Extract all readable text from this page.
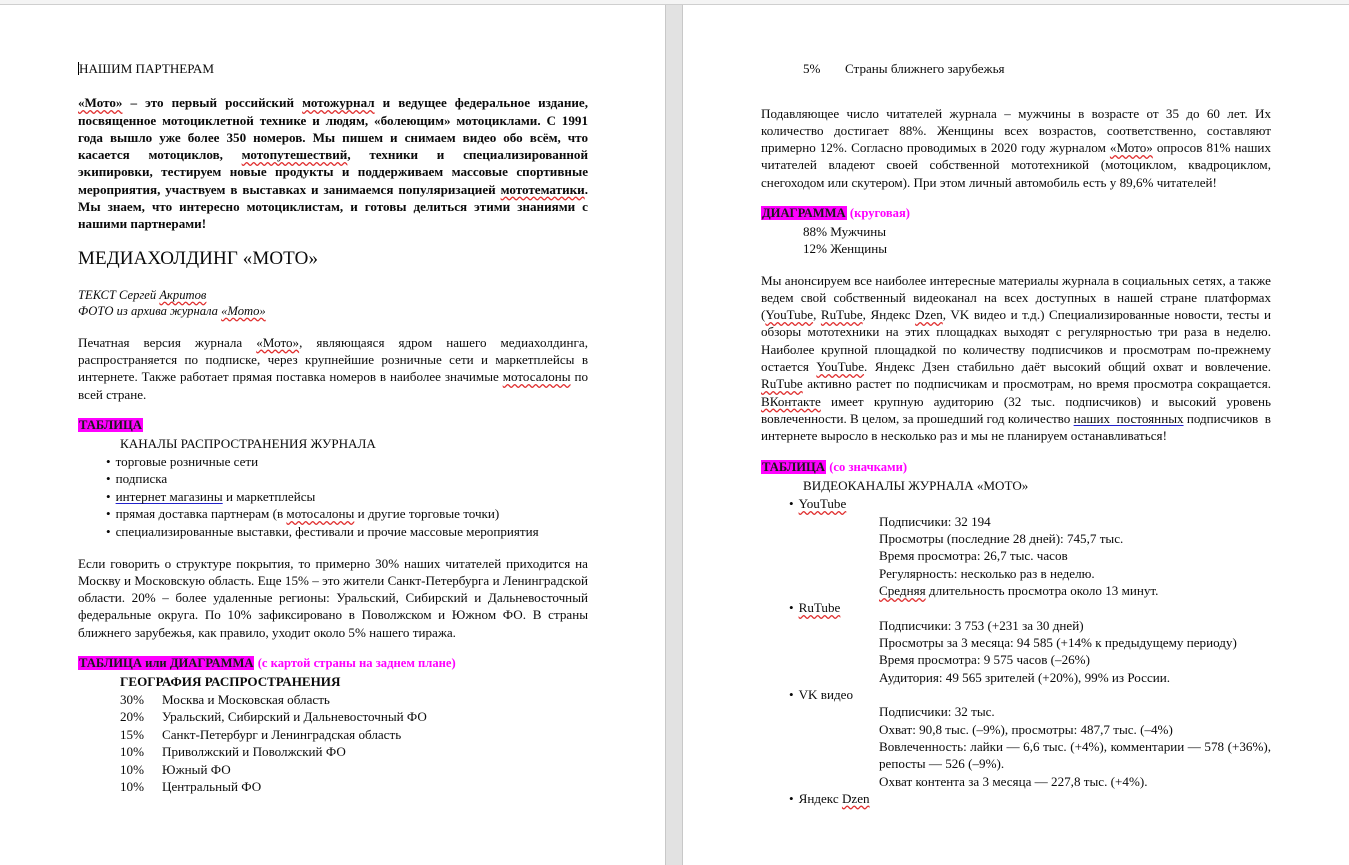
НАШИМ ПАРТНЕРАМ

«Мото» – это первый российский мотожурнал и ведущее федеральное издание, посвященное мотоциклетной технике и людям, «болеющим» мотоциклами. С 1991 года вышло уже более 350 номеров. Мы пишем и снимаем видео обо всём, что касается мотоциклов, мотопутешествий, техники и специализированной экипировки, тестируем новые продукты и поддерживаем массовые спортивные мероприятия, участвуем в выставках и занимаемся популяризацией мототематики. Мы знаем, что интересно мотоциклистам, и готовы делиться этими знаниями с нашими партнерами!

МЕДИАХОЛДИНГ «МОТО»
ТЕКСТ Сергей Акритов
ФОТО из архива журнала «Мото»

Печатная версия журнала «Мото», являющаяся ядром нашего медиахолдинга, распространяется по подписке, через крупнейшие розничные сети и маркетплейсы в интернете. Также работает прямая поставка номеров в наиболее значимые мотосалоны по всей стране.

ТАБЛИЦА
КАНАЛЫ РАСПРОСТРАНЕНИЯ ЖУРНАЛА
• торговые розничные сети
• подписка
• интернет магазины и маркетплейсы
• прямая доставка партнерам (в мотосалоны и другие торговые точки)
• специализированные выставки, фестивали и прочие массовые мероприятия

Если говорить о структуре покрытия, то примерно 30% наших читателей приходится на Москву и Московскую область. Еще 15% – это жители Санкт-Петербурга и Ленинградской области. 20% – более удаленные регионы: Уральский, Сибирский и Дальневосточный федеральные округа. По 10% зафиксировано в Поволжском и Южном ФО. В страны ближнего зарубежья, как правило, уходит около 5% нашего тиража.

ТАБЛИЦА или ДИАГРАММА (с картой страны на заднем плане)
ГЕОГРАФИЯ РАСПРОСТРАНЕНИЯ
30% Москва и Московская область
20% Уральский, Сибирский и Дальневосточный ФО
15% Санкт-Петербург и Ленинградская область
10% Приволжский и Поволжский ФО
10% Южный ФО
10% Центральный ФО
5% Страны ближнего зарубежья

Подавляющее число читателей журнала – мужчины в возрасте от 35 до 60 лет. Их количество достигает 88%. Женщины всех возрастов, соответственно, составляют примерно 12%. Согласно проводимых в 2020 году журналом «Мото» опросов 81% наших читателей владеют своей собственной мототехникой (мотоциклом, квадроциклом, снегоходом или скутером). При этом личный автомобиль есть у 89,6% читателей!

ДИАГРАММА (круговая)
88% Мужчины
12% Женщины

Мы анонсируем все наиболее интересные материалы журнала в социальных сетях, а также ведем свой собственный видеоканал на всех доступных в нашей стране платформах (YouTube, RuTube, Яндекс Dzen, VK видео и т.д.) Специализированные новости, тесты и обзоры мототехники на этих площадках выходят с регулярностью три раза в неделю. Наиболее крупной площадкой по количеству подписчиков и просмотрам по-прежнему остается YouTube. Яндекс Дзен стабильно даёт высокий общий охват и вовлечение. RuTube активно растет по подписчикам и просмотрам, но время просмотра сокращается. ВКонтакте имеет крупную аудиторию (32 тыс. подписчиков) и высокий уровень вовлеченности. В целом, за прошедший год количество наших  постоянных подписчиков  в интернете выросло в несколько раз и мы не планируем останавливаться!

ТАБЛИЦА (со значками)
ВИДЕОКАНАЛЫ ЖУРНАЛА «МОТО»
• YouTube
Подписчики: 32 194
Просмотры (последние 28 дней): 745,7 тыс.
Время просмотра: 26,7 тыс. часов
Регулярность: несколько раз в неделю.
Средняя длительность просмотра около 13 минут.
• RuTube
Подписчики: 3 753 (+231 за 30 дней)
Просмотры за 3 месяца: 94 585 (+14% к предыдущему периоду)
Время просмотра: 9 575 часов (–26%)
Аудитория: 49 565 зрителей (+20%), 99% из России.
• VK видео
Подписчики: 32 тыс.
Охват: 90,8 тыс. (–9%), просмотры: 487,7 тыс. (–4%)
Вовлеченность: лайки — 6,6 тыс. (+4%), комментарии — 578 (+36%), репосты — 526 (–9%).
Охват контента за 3 месяца — 227,8 тыс. (+4%).
• Яндекс Dzen
